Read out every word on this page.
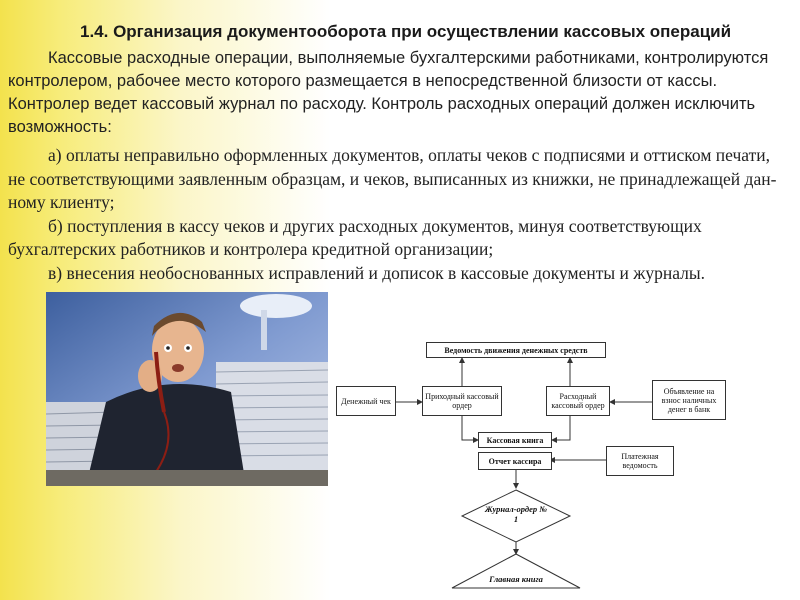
1.4. Организация документооборота при осуществлении кассовых операций
Кассовые расходные операции, выполняемые бухгалтерскими работниками, контролируются контролером, рабочее место которого размещается в непосредственной близости от кассы. Контролер ведет кассовый журнал по расходу. Контроль расходных операций должен исключить возможность:

а) оплаты неправильно оформленных документов, оплаты чеков с подписями и оттиском печати, не соответствующими заявленным образцам, и чеков, выписанных из книжки, не принадлежащей дан-ному клиенту;

б) поступления в кассу чеков и других расходных документов, минуя соответствующих бухгалтерских работников и контролера кредитной организации;

в) внесения необоснованных исправлений и дописок в кассовые документы и журналы.

Ведомость движения денежных средств
Денежный чек	Приходный кассовый ордер
Расходный кассовый ордер
Объявление на взнос наличных денег в банк
Кассовая книга
Отчет кассира	Платежная ведомость
Журнал-ордер № 1
Главная книга
